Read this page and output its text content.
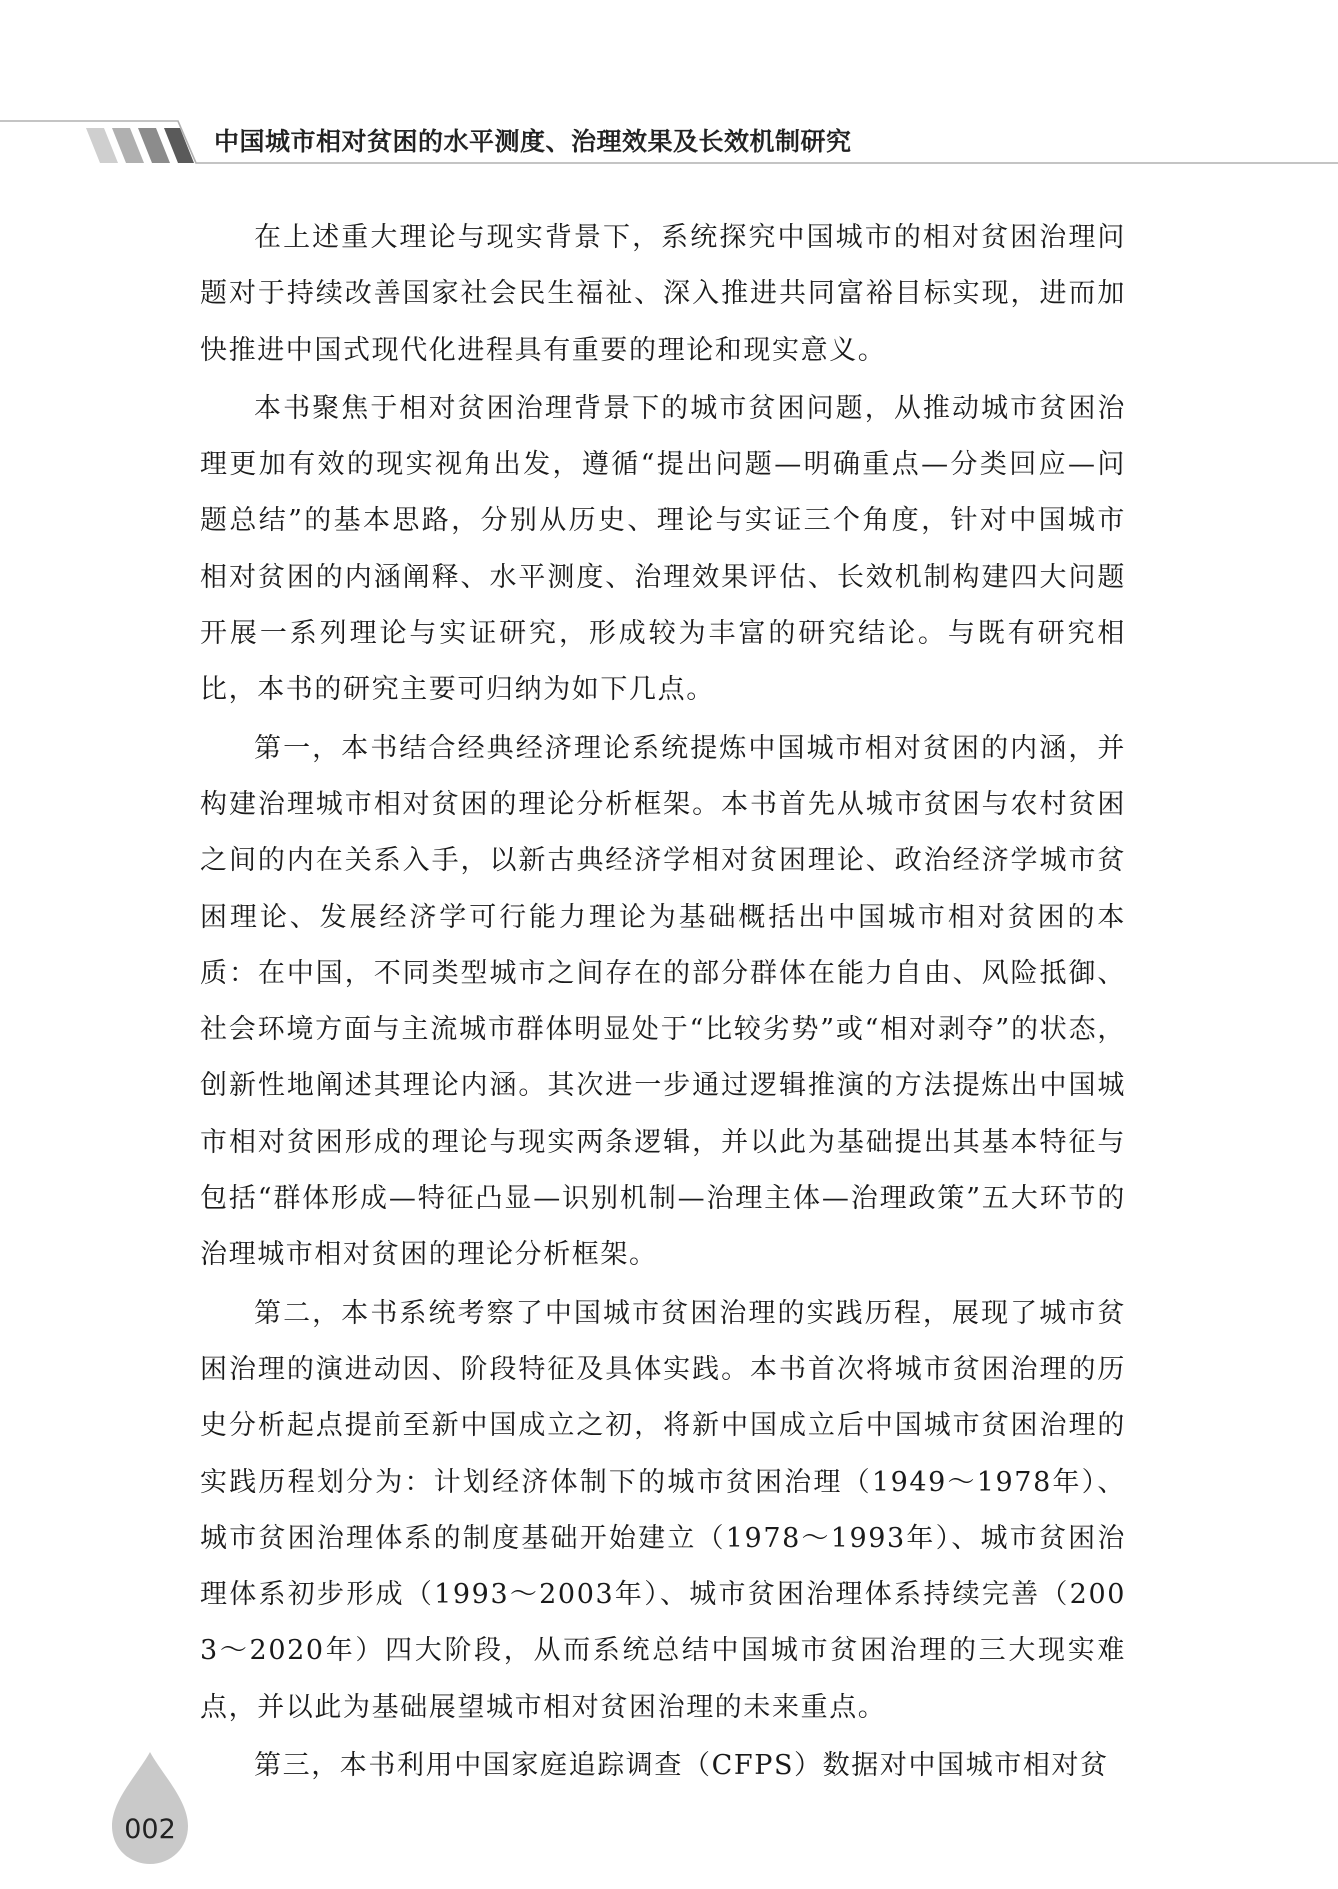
中国城市相对贫困的水平测度、治理效果及长效机制研究

在上述重大理论与现实背景下，系统探究中国城市的相对贫困治理问题对于持续改善国家社会民生福祉、深入推进共同富裕目标实现，进而加快推进中国式现代化进程具有重要的理论和现实意义。

本书聚焦于相对贫困治理背景下的城市贫困问题，从推动城市贫困治理更加有效的现实视角出发，遵循“提出问题—明确重点—分类回应—问题总结”的基本思路，分别从历史、理论与实证三个角度，针对中国城市相对贫困的内涵阐释、水平测度、治理效果评估、长效机制构建四大问题开展一系列理论与实证研究，形成较为丰富的研究结论。与既有研究相比，本书的研究主要可归纳为如下几点。

第一，本书结合经典经济理论系统提炼中国城市相对贫困的内涵，并构建治理城市相对贫困的理论分析框架。本书首先从城市贫困与农村贫困之间的内在关系入手，以新古典经济学相对贫困理论、政治经济学城市贫困理论、发展经济学可行能力理论为基础概括出中国城市相对贫困的本质：在中国，不同类型城市之间存在的部分群体在能力自由、风险抵御、社会环境方面与主流城市群体明显处于“比较劣势”或“相对剥夺”的状态，创新性地阐述其理论内涵。其次进一步通过逻辑推演的方法提炼出中国城市相对贫困形成的理论与现实两条逻辑，并以此为基础提出其基本特征与包括“群体形成—特征凸显—识别机制—治理主体—治理政策”五大环节的治理城市相对贫困的理论分析框架。

第二，本书系统考察了中国城市贫困治理的实践历程，展现了城市贫困治理的演进动因、阶段特征及具体实践。本书首次将城市贫困治理的历史分析起点提前至新中国成立之初，将新中国成立后中国城市贫困治理的实践历程划分为：计划经济体制下的城市贫困治理（1949～1978年）、城市贫困治理体系的制度基础开始建立（1978～1993年）、城市贫困治理体系初步形成（1993～2003年）、城市贫困治理体系持续完善（2003～2020年）四大阶段，从而系统总结中国城市贫困治理的三大现实难点，并以此为基础展望城市相对贫困治理的未来重点。

第三，本书利用中国家庭追踪调查（CFPS）数据对中国城市相对贫

002
